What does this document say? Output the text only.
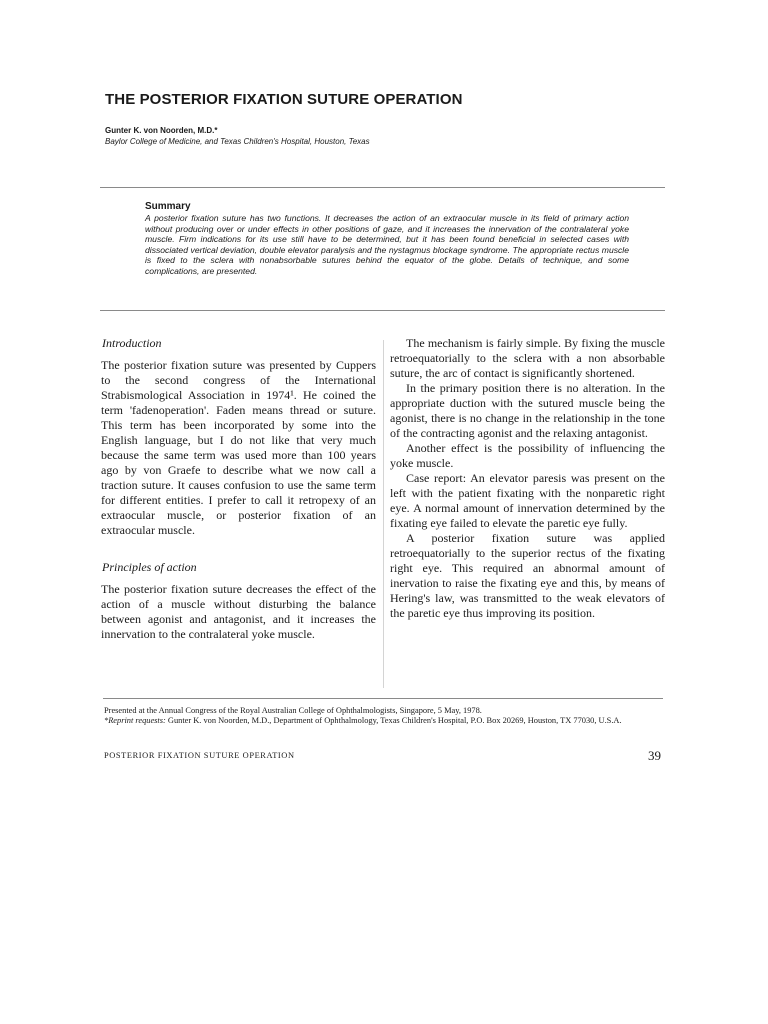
THE POSTERIOR FIXATION SUTURE OPERATION
Gunter K. von Noorden, M.D.*
Baylor College of Medicine, and Texas Children's Hospital, Houston, Texas
Summary
A posterior fixation suture has two functions. It decreases the action of an extraocular muscle in its field of primary action without producing over or under effects in other positions of gaze, and it increases the innervation of the contralateral yoke muscle. Firm indications for its use still have to be determined, but it has been found beneficial in selected cases with dissociated vertical deviation, double elevator paralysis and the nystagmus blockage syndrome. The appropriate rectus muscle is fixed to the sclera with nonabsorbable sutures behind the equator of the globe. Details of technique, and some complications, are presented.
Introduction

The posterior fixation suture was presented by Cuppers to the second congress of the International Strabismological Association in 1974¹. He coined the term 'fadenoperation'. Faden means thread or suture. This term has been incorporated by some into the English language, but I do not like that very much because the same term was used more than 100 years ago by von Graefe to describe what we now call a traction suture. It causes confusion to use the same term for different entities. I prefer to call it retropexy of an extraocular muscle, or posterior fixation of an extraocular muscle.

Principles of action

The posterior fixation suture decreases the effect of the action of a muscle without disturbing the balance between agonist and antagonist, and it increases the innervation to the contralateral yoke muscle.

The mechanism is fairly simple. By fixing the muscle retroequatorially to the sclera with a non absorbable suture, the arc of contact is significantly shortened.

In the primary position there is no alteration. In the appropriate duction with the sutured muscle being the agonist, there is no change in the relationship in the tone of the contracting agonist and the relaxing antagonist.

Another effect is the possibility of influencing the yoke muscle.

Case report: An elevator paresis was present on the left with the patient fixating with the nonparetic right eye. A normal amount of innervation determined by the fixating eye failed to elevate the paretic eye fully.

A posterior fixation suture was applied retroequatorially to the superior rectus of the fixating right eye. This required an abnormal amount of inervation to raise the fixating eye and this, by means of Hering's law, was transmitted to the weak elevators of the paretic eye thus improving its position.

Presented at the Annual Congress of the Royal Australian College of Ophthalmologists, Singapore, 5 May, 1978.

*Reprint requests: Gunter K. von Noorden, M.D., Department of Ophthalmology, Texas Children's Hospital, P.O. Box 20269, Houston, TX 77030, U.S.A.

POSTERIOR FIXATION SUTURE OPERATION	39
